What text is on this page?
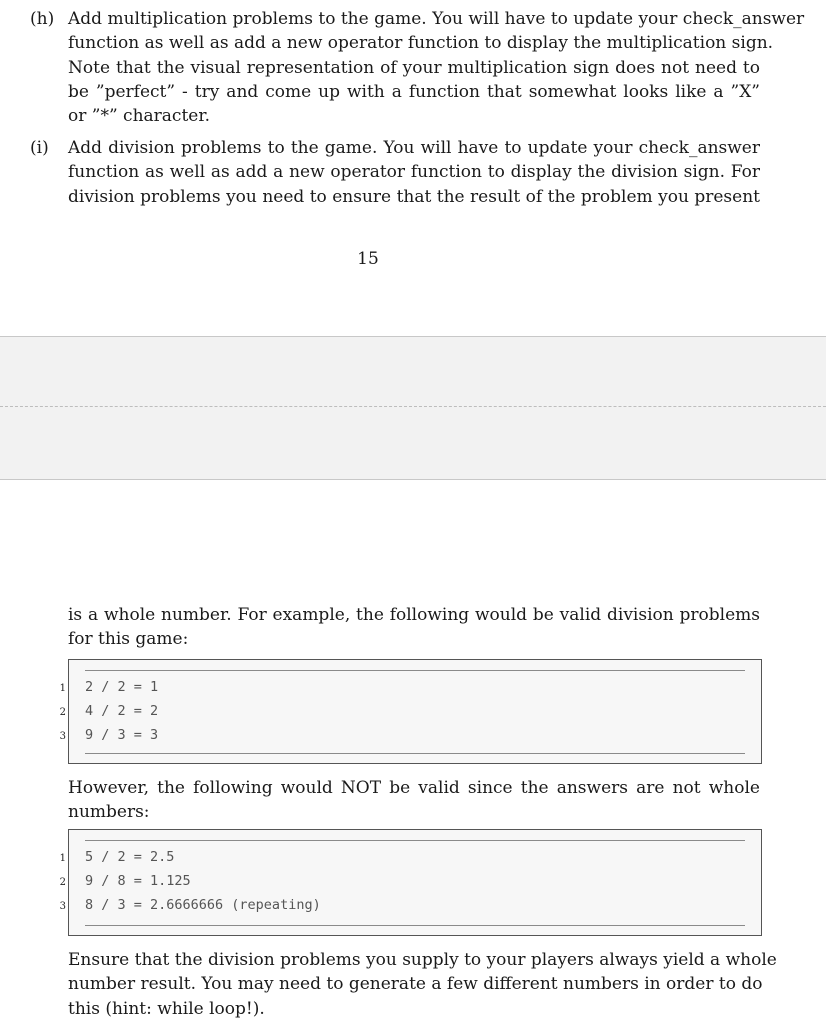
(h) Add multiplication problems to the game. You will have to update your check_answer
function as well as add a new operator function to display the multiplication sign.
Note that the visual representation of your multiplication sign does not need to
be ”perfect” - try and come up with a function that somewhat looks like a ”X”
or ”*” character.
(i) Add division problems to the game. You will have to update your check_answer
function as well as add a new operator function to display the division sign. For
division problems you need to ensure that the result of the problem you present
15
is a whole number. For example, the following would be valid division problems
for this game:
2 / 2 = 1
4 / 2 = 2
9 / 3 = 3
1
2
3
However, the following would NOT be valid since the answers are not whole
numbers:
5 / 2 = 2.5
9 / 8 = 1.125
8 / 3 = 2.6666666 (repeating)
1
2
3
Ensure that the division problems you supply to your players always yield a whole
number result. You may need to generate a few different numbers in order to do
this (hint: while loop!).
